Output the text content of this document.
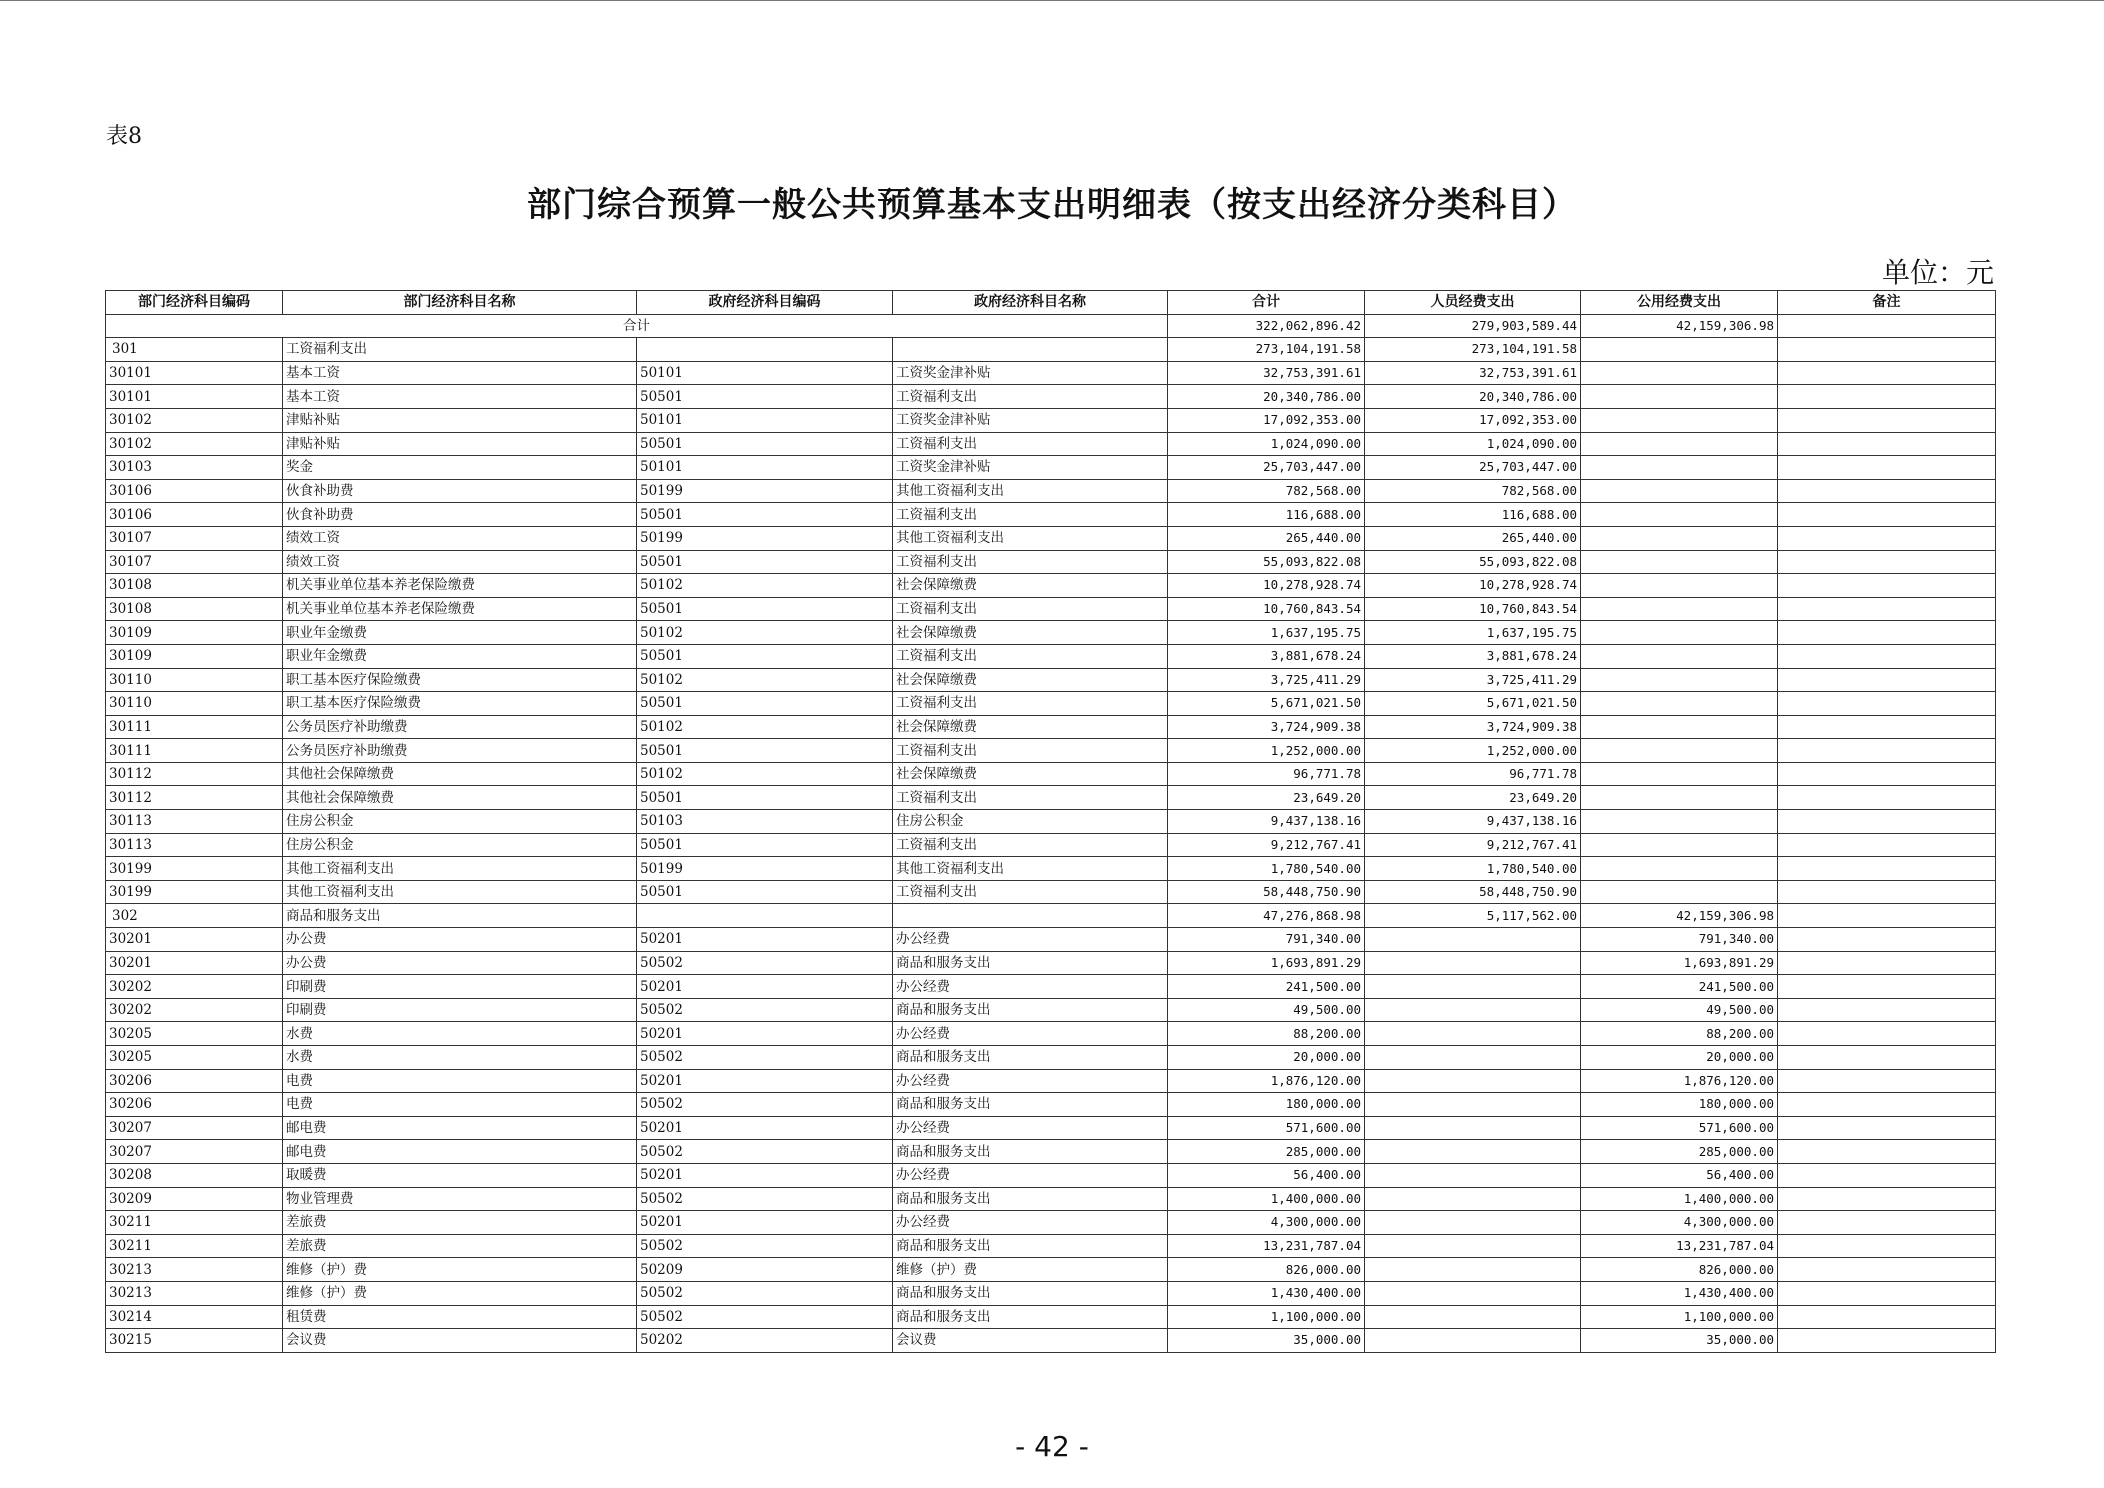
表8
部门综合预算一般公共预算基本支出明细表（按支出经济分类科目）
单位：元
部门经济科目编码	部门经济科目名称	政府经济科目编码	政府经济科目名称	合计	人员经费支出	公用经费支出	备注
合计				322,062,896.42	279,903,589.44	42,159,306.98	
301	工资福利支出			273,104,191.58	273,104,191.58		
30101	基本工资	50101	工资奖金津补贴	32,753,391.61	32,753,391.61		
30101	基本工资	50501	工资福利支出	20,340,786.00	20,340,786.00		
30102	津贴补贴	50101	工资奖金津补贴	17,092,353.00	17,092,353.00		
30102	津贴补贴	50501	工资福利支出	1,024,090.00	1,024,090.00		
30103	奖金	50101	工资奖金津补贴	25,703,447.00	25,703,447.00		
30106	伙食补助费	50199	其他工资福利支出	782,568.00	782,568.00		
30106	伙食补助费	50501	工资福利支出	116,688.00	116,688.00		
30107	绩效工资	50199	其他工资福利支出	265,440.00	265,440.00		
30107	绩效工资	50501	工资福利支出	55,093,822.08	55,093,822.08		
30108	机关事业单位基本养老保险缴费	50102	社会保障缴费	10,278,928.74	10,278,928.74		
30108	机关事业单位基本养老保险缴费	50501	工资福利支出	10,760,843.54	10,760,843.54		
30109	职业年金缴费	50102	社会保障缴费	1,637,195.75	1,637,195.75		
30109	职业年金缴费	50501	工资福利支出	3,881,678.24	3,881,678.24		
30110	职工基本医疗保险缴费	50102	社会保障缴费	3,725,411.29	3,725,411.29		
30110	职工基本医疗保险缴费	50501	工资福利支出	5,671,021.50	5,671,021.50		
30111	公务员医疗补助缴费	50102	社会保障缴费	3,724,909.38	3,724,909.38		
30111	公务员医疗补助缴费	50501	工资福利支出	1,252,000.00	1,252,000.00		
30112	其他社会保障缴费	50102	社会保障缴费	96,771.78	96,771.78		
30112	其他社会保障缴费	50501	工资福利支出	23,649.20	23,649.20		
30113	住房公积金	50103	住房公积金	9,437,138.16	9,437,138.16		
30113	住房公积金	50501	工资福利支出	9,212,767.41	9,212,767.41		
30199	其他工资福利支出	50199	其他工资福利支出	1,780,540.00	1,780,540.00		
30199	其他工资福利支出	50501	工资福利支出	58,448,750.90	58,448,750.90		
302	商品和服务支出			47,276,868.98	5,117,562.00	42,159,306.98	
30201	办公费	50201	办公经费	791,340.00		791,340.00	
30201	办公费	50502	商品和服务支出	1,693,891.29		1,693,891.29	
30202	印刷费	50201	办公经费	241,500.00		241,500.00	
30202	印刷费	50502	商品和服务支出	49,500.00		49,500.00	
30205	水费	50201	办公经费	88,200.00		88,200.00	
30205	水费	50502	商品和服务支出	20,000.00		20,000.00	
30206	电费	50201	办公经费	1,876,120.00		1,876,120.00	
30206	电费	50502	商品和服务支出	180,000.00		180,000.00	
30207	邮电费	50201	办公经费	571,600.00		571,600.00	
30207	邮电费	50502	商品和服务支出	285,000.00		285,000.00	
30208	取暖费	50201	办公经费	56,400.00		56,400.00	
30209	物业管理费	50502	商品和服务支出	1,400,000.00		1,400,000.00	
30211	差旅费	50201	办公经费	4,300,000.00		4,300,000.00	
30211	差旅费	50502	商品和服务支出	13,231,787.04		13,231,787.04	
30213	维修（护）费	50209	维修（护）费	826,000.00		826,000.00	
30213	维修（护）费	50502	商品和服务支出	1,430,400.00		1,430,400.00	
30214	租赁费	50502	商品和服务支出	1,100,000.00		1,100,000.00	
30215	会议费	50202	会议费	35,000.00		35,000.00	
- 42 -
